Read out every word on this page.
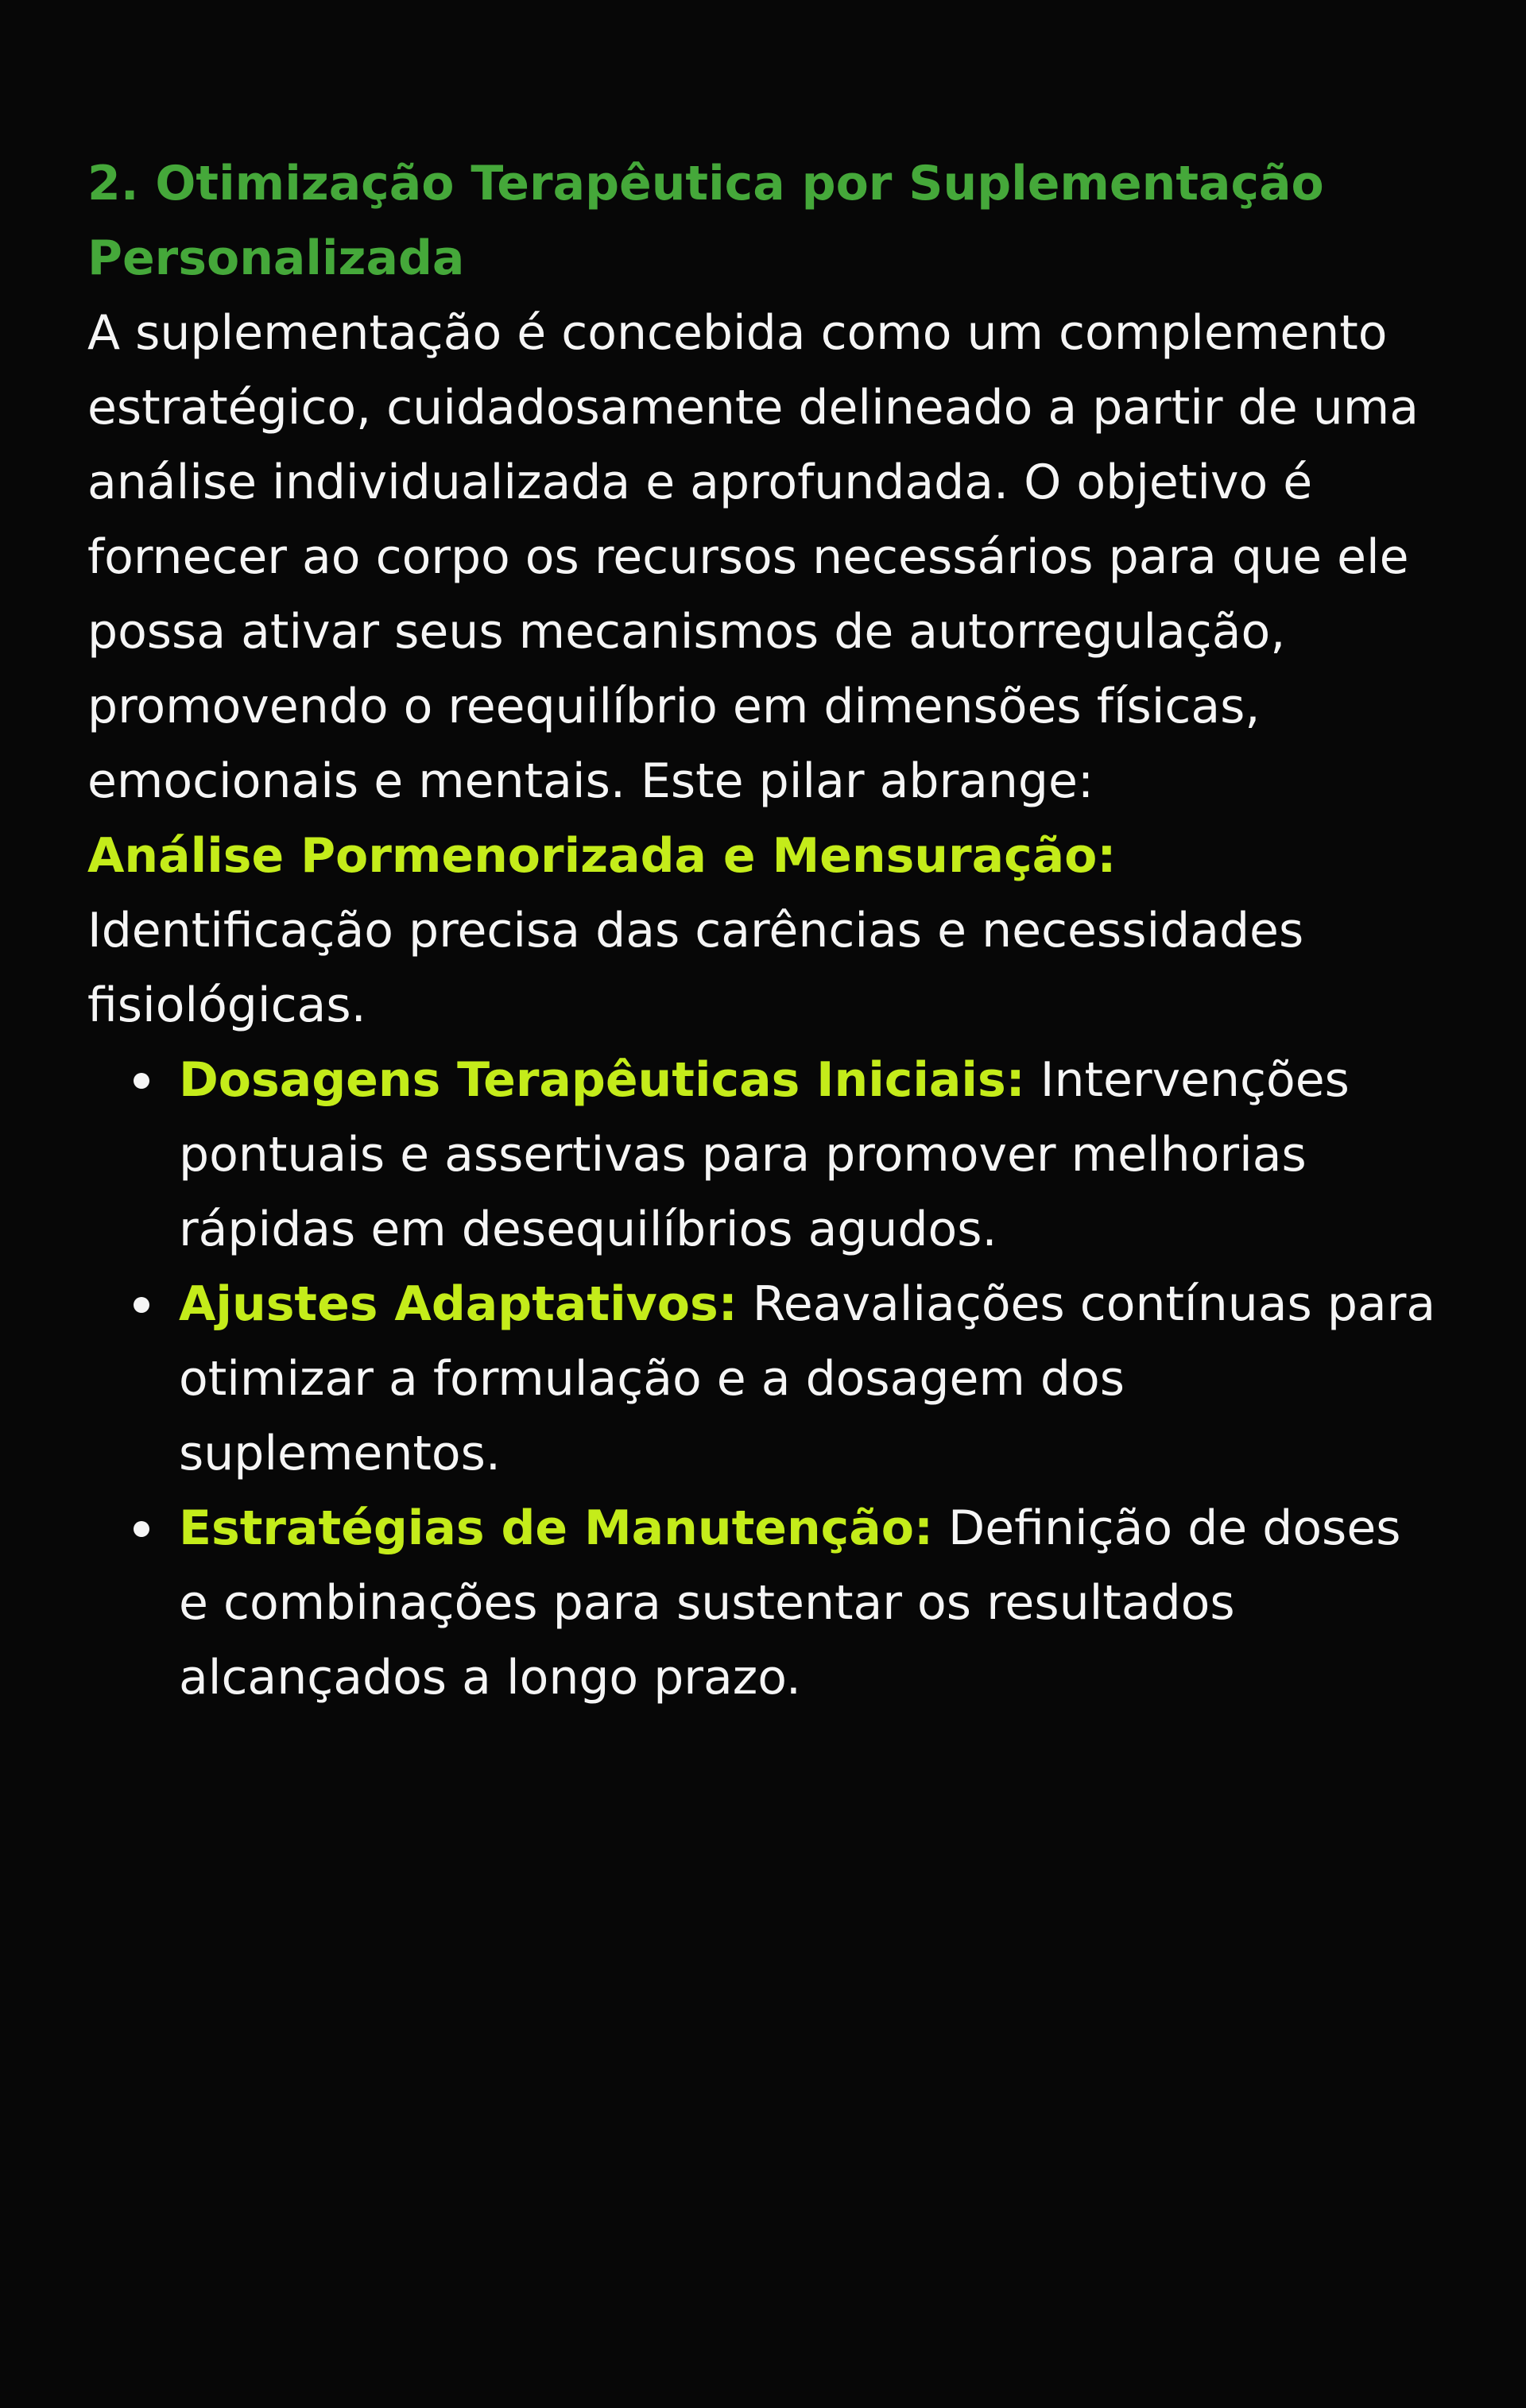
2. Otimização Terapêutica por Suplementação Personalizada

A suplementação é concebida como um complemento estratégico, cuidadosamente delineado a partir de uma análise individualizada e aprofundada. O objetivo é fornecer ao corpo os recursos necessários para que ele possa ativar seus mecanismos de autorregulação, promovendo o reequilíbrio em dimensões físicas, emocionais e mentais. Este pilar abrange:

Análise Pormenorizada e Mensuração:
Identificação precisa das carências e necessidades fisiológicas.

Dosagens Terapêuticas Iniciais: Intervenções pontuais e assertivas para promover melhorias rápidas em desequilíbrios agudos.
Ajustes Adaptativos: Reavaliações contínuas para otimizar a formulação e a dosagem dos suplementos.
Estratégias de Manutenção: Definição de doses e combinações para sustentar os resultados alcançados a longo prazo.
